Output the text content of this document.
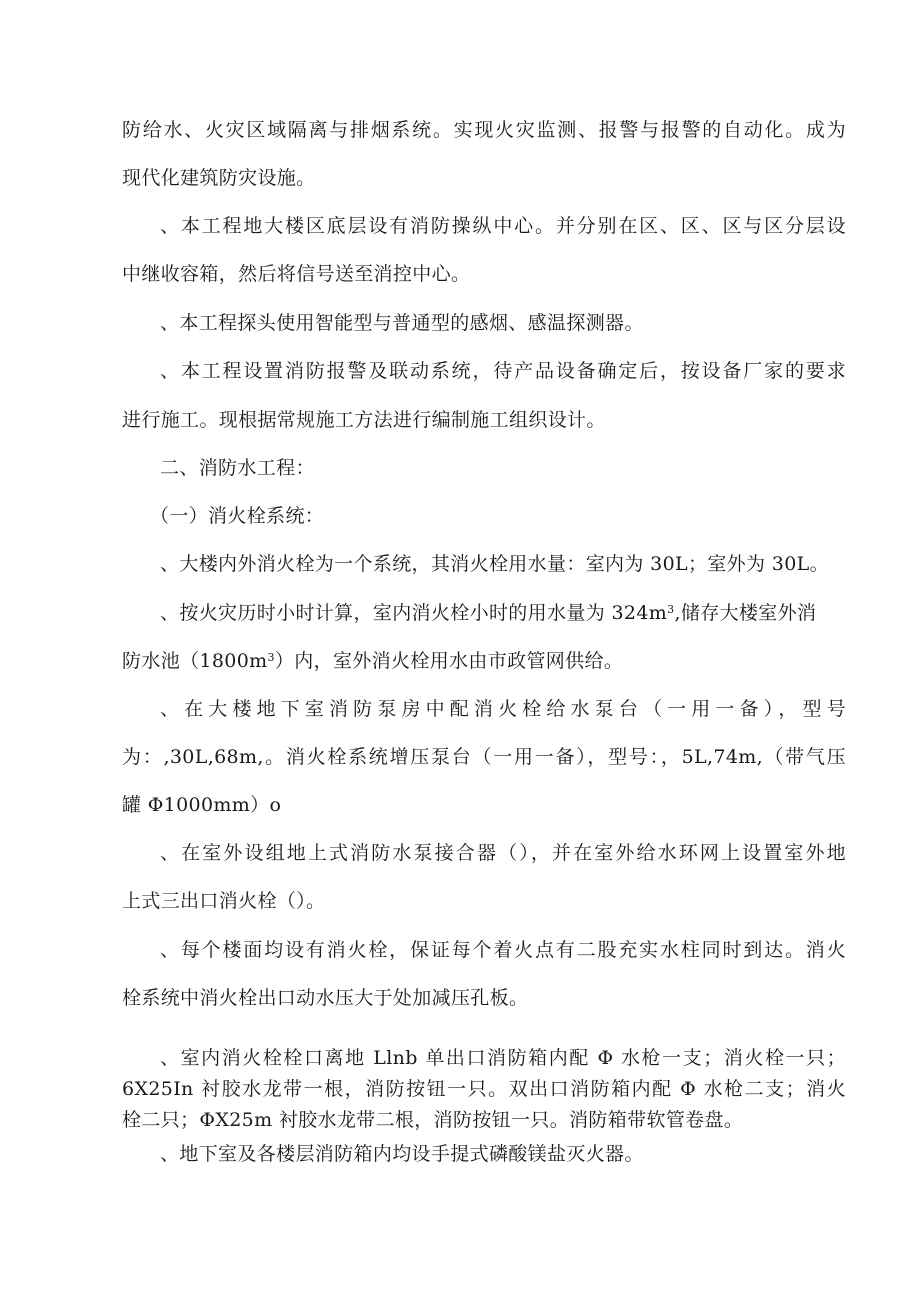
防给水、火灾区域隔离与排烟系统。实现火灾监测、报警与报警的自动化。成为
现代化建筑防灾设施。
、本工程地大楼区底层设有消防操纵中心。并分别在区、区、区与区分层设
中继收容箱，然后将信号送至消控中心。
、本工程探头使用智能型与普通型的感烟、感温探测器。
、本工程设置消防报警及联动系统，待产品设备确定后，按设备厂家的要求
进行施工。现根据常规施工方法进行编制施工组织设计。
二、消防水工程：
（一）消火栓系统：
、大楼内外消火栓为一个系统，其消火栓用水量：室内为 30L；室外为 30L。
、按火灾历时小时计算，室内消火栓小时的用水量为 $324m^3$,储存大楼室外消
防水池$(1800m^3)$内，室外消火栓用水由市政管网供给。
、在大楼地下室消防泵房中配消火栓给水泵台（一用一备），型号
为：,30L,68m,。消火栓系统增压泵台（一用一备），型号：，5L,74m,（带气压
罐 Φ1000mm）o
、在室外设组地上式消防水泵接合器（），并在室外给水环网上设置室外地
上式三出口消火栓（）。
、每个楼面均设有消火栓，保证每个着火点有二股充实水柱同时到达。消火
栓系统中消火栓出口动水压大于处加减压孔板。
、室内消火栓栓口离地 Llnb 单出口消防箱内配 Φ 水枪一支；消火栓一只；
6X25In 衬胶水龙带一根，消防按钮一只。双出口消防箱内配 Φ 水枪二支；消火
栓二只；ΦX25m 衬胶水龙带二根，消防按钮一只。消防箱带软管卷盘。
、地下室及各楼层消防箱内均设手提式磷酸镁盐灭火器。
